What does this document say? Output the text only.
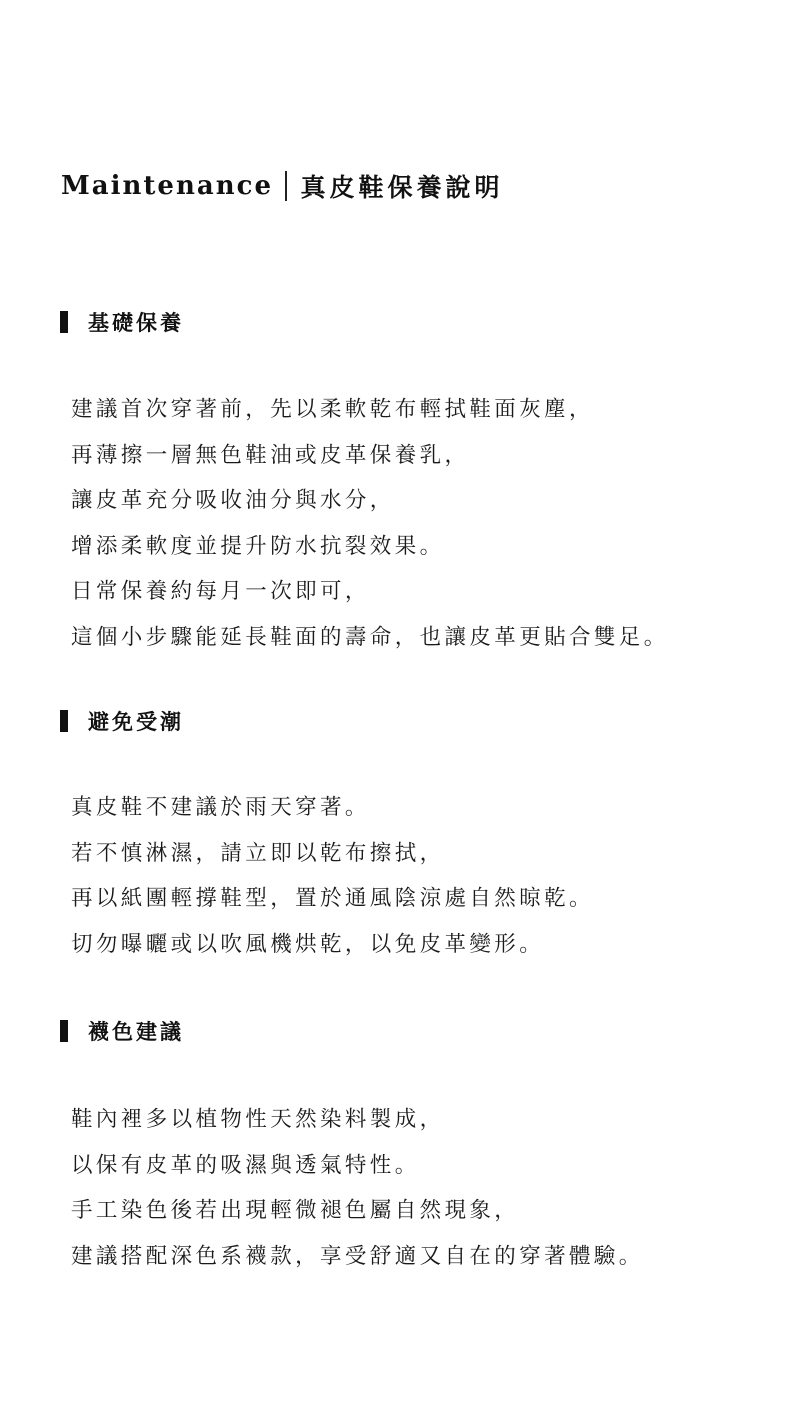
Maintenance 真皮鞋保養說明
基礎保養
建議首次穿著前，先以柔軟乾布輕拭鞋面灰塵，
再薄擦一層無色鞋油或皮革保養乳，
讓皮革充分吸收油分與水分，
增添柔軟度並提升防水抗裂效果。
日常保養約每月一次即可，
這個小步驟能延長鞋面的壽命，也讓皮革更貼合雙足。
避免受潮
真皮鞋不建議於雨天穿著。
若不慎淋濕，請立即以乾布擦拭，
再以紙團輕撐鞋型，置於通風陰涼處自然晾乾。
切勿曝曬或以吹風機烘乾，以免皮革變形。
襪色建議
鞋內裡多以植物性天然染料製成，
以保有皮革的吸濕與透氣特性。
手工染色後若出現輕微褪色屬自然現象，
建議搭配深色系襪款，享受舒適又自在的穿著體驗。
